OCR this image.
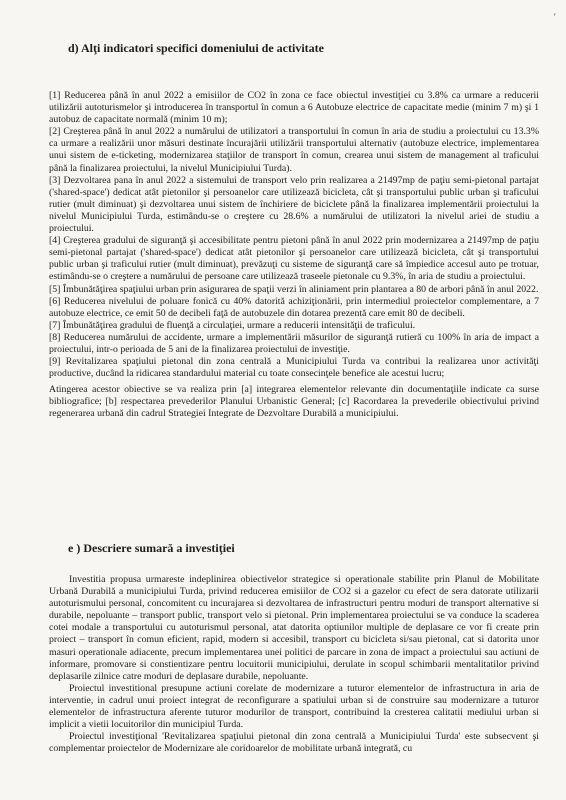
'
d) Alţi indicatori specifici domeniului de activitate

[1] Reducerea până în anul 2022 a emisiilor de CO2 în zona ce face obiectul investiţiei cu 3.8% ca urmare a reducerii utilizării autoturismelor şi introducerea în transportul în comun a 6 Autobuze electrice de capacitate medie (minim 7 m) şi 1 autobuz de capacitate normală (minim 10 m);

[2] Creşterea până în anul 2022 a numărului de utilizatori a transportului în comun în aria de studiu a proiectului cu 13.3% ca urmare a realizării unor măsuri destinate încurajării utilizării transportului alternativ (autobuze electrice, implementarea unui sistem de e-ticketing, modernizarea staţiilor de transport în comun, crearea unui sistem de management al traficului până la finalizarea proiectului, la nivelul Municipiului Turda).

[3] Dezvoltarea pana în anul 2022 a sistemului de transport velo prin realizarea a 21497mp de paţiu semi-pietonal partajat ('shared-space') dedicat atât pietonilor şi persoanelor care utilizează bicicleta, cât şi transportului public urban şi traficului rutier (mult diminuat) şi dezvoltarea unui sistem de închiriere de biciclete până la finalizarea implementării proiectului la nivelul Municipiului Turda, estimându-se o creştere cu 28.6% a numărului de utilizatori la nivelul ariei de studiu a proiectului.

[4] Creşterea gradului de siguranţă şi accesibilitate pentru pietoni până în anul 2022 prin modernizarea a 21497mp de paţiu semi-pietonal partajat ('shared-space') dedicat atât pietonilor şi persoanelor care utilizează bicicleta, cât şi transportului public urban şi traficului rutier (mult diminuat), prevăzuţi cu sisteme de siguranţă care să împiedice accesul auto pe trotuar, estimându-se o creştere a numărului de persoane care utilizează traseele pietonale cu 9.3%, în aria de studiu a proiectului.

[5] Îmbunătăţirea spaţiului urban prin asigurarea de spaţii verzi în aliniament prin plantarea a 80 de arbori până în anul 2022.

[6] Reducerea nivelului de poluare fonică cu 40% datorită achiziţionării, prin intermediul proiectelor complementare, a 7 autobuze electrice, ce emit 50 de decibeli faţă de autobuzele din dotarea prezentă care emit 80 de decibeli.

[7] Îmbunătăţirea gradului de fluenţă a circulaţiei, urmare a reducerii intensităţii de traficului.

[8] Reducerea numărului de accidente, urmare a implementării măsurilor de siguranţă rutieră cu 100% în aria de impact a proiectului, intr-o perioada de 5 ani de la finalizarea proiectului de investiţie.

[9] Revitalizarea spaţiului pietonal din zona centrală a Municipiului Turda va contribui la realizarea unor activităţi productive, ducând la ridicarea standardului material cu toate consecinţele benefice ale acestui lucru;

Atingerea acestor obiective se va realiza prin [a] integrarea elementelor relevante din documentaţiile indicate ca surse bibliografice; [b] respectarea prevederilor Planului Urbanistic General; [c] Racordarea la prevederile obiectivului privind regenerarea urbană din cadrul Strategiei Integrate de Dezvoltare Durabilă a municipiului.

e ) Descriere sumară a investiţiei

Investitia propusa urmareste indeplinirea obiectivelor strategice si operationale stabilite prin Planul de Mobilitate Urbană Durabilă a municipiului Turda, privind reducerea emisiilor de CO2 si a gazelor cu efect de sera datorate utilizarii autoturismului personal, concomitent cu incurajarea si dezvoltarea de infrastructuri pentru moduri de transport alternative si durabile, nepoluante – transport public, transport velo si pietonal. Prin implementarea proiectului se va conduce la scaderea cotei modale a transportului cu autoturismul personal, atat datorita optiunilor multiple de deplasare ce vor fi create prin proiect – transport în comun eficient, rapid, modern si accesibil, transport cu bicicleta si/sau pietonal, cat si datorita unor masuri operationale adiacente, precum implementarea unei politici de parcare in zona de impact a proiectului sau actiuni de informare, promovare si constientizare pentru locuitorii municipiului, derulate in scopul schimbarii mentalitatilor privind deplasarile zilnice catre moduri de deplasare durabile, nepoluante.

Proiectul investitional presupune actiuni corelate de modernizare a tuturor elementelor de infrastructura in aria de interventie, in cadrul unui proiect integrat de reconfigurare a spatiului urban si de construire sau modernizare a tuturor elementelor de infrastructura aferente tuturor modurilor de transport, contribuind la cresterea calitatii mediului urban si implicit a vietii locuitorilor din municipiul Turda.

Proiectul investiţional 'Revitalizarea spaţiului pietonal din zona centrală a Municipiului Turda' este subsecvent şi complementar proiectelor de Modernizare ale coridoarelor de mobilitate urbană integrată, cu
